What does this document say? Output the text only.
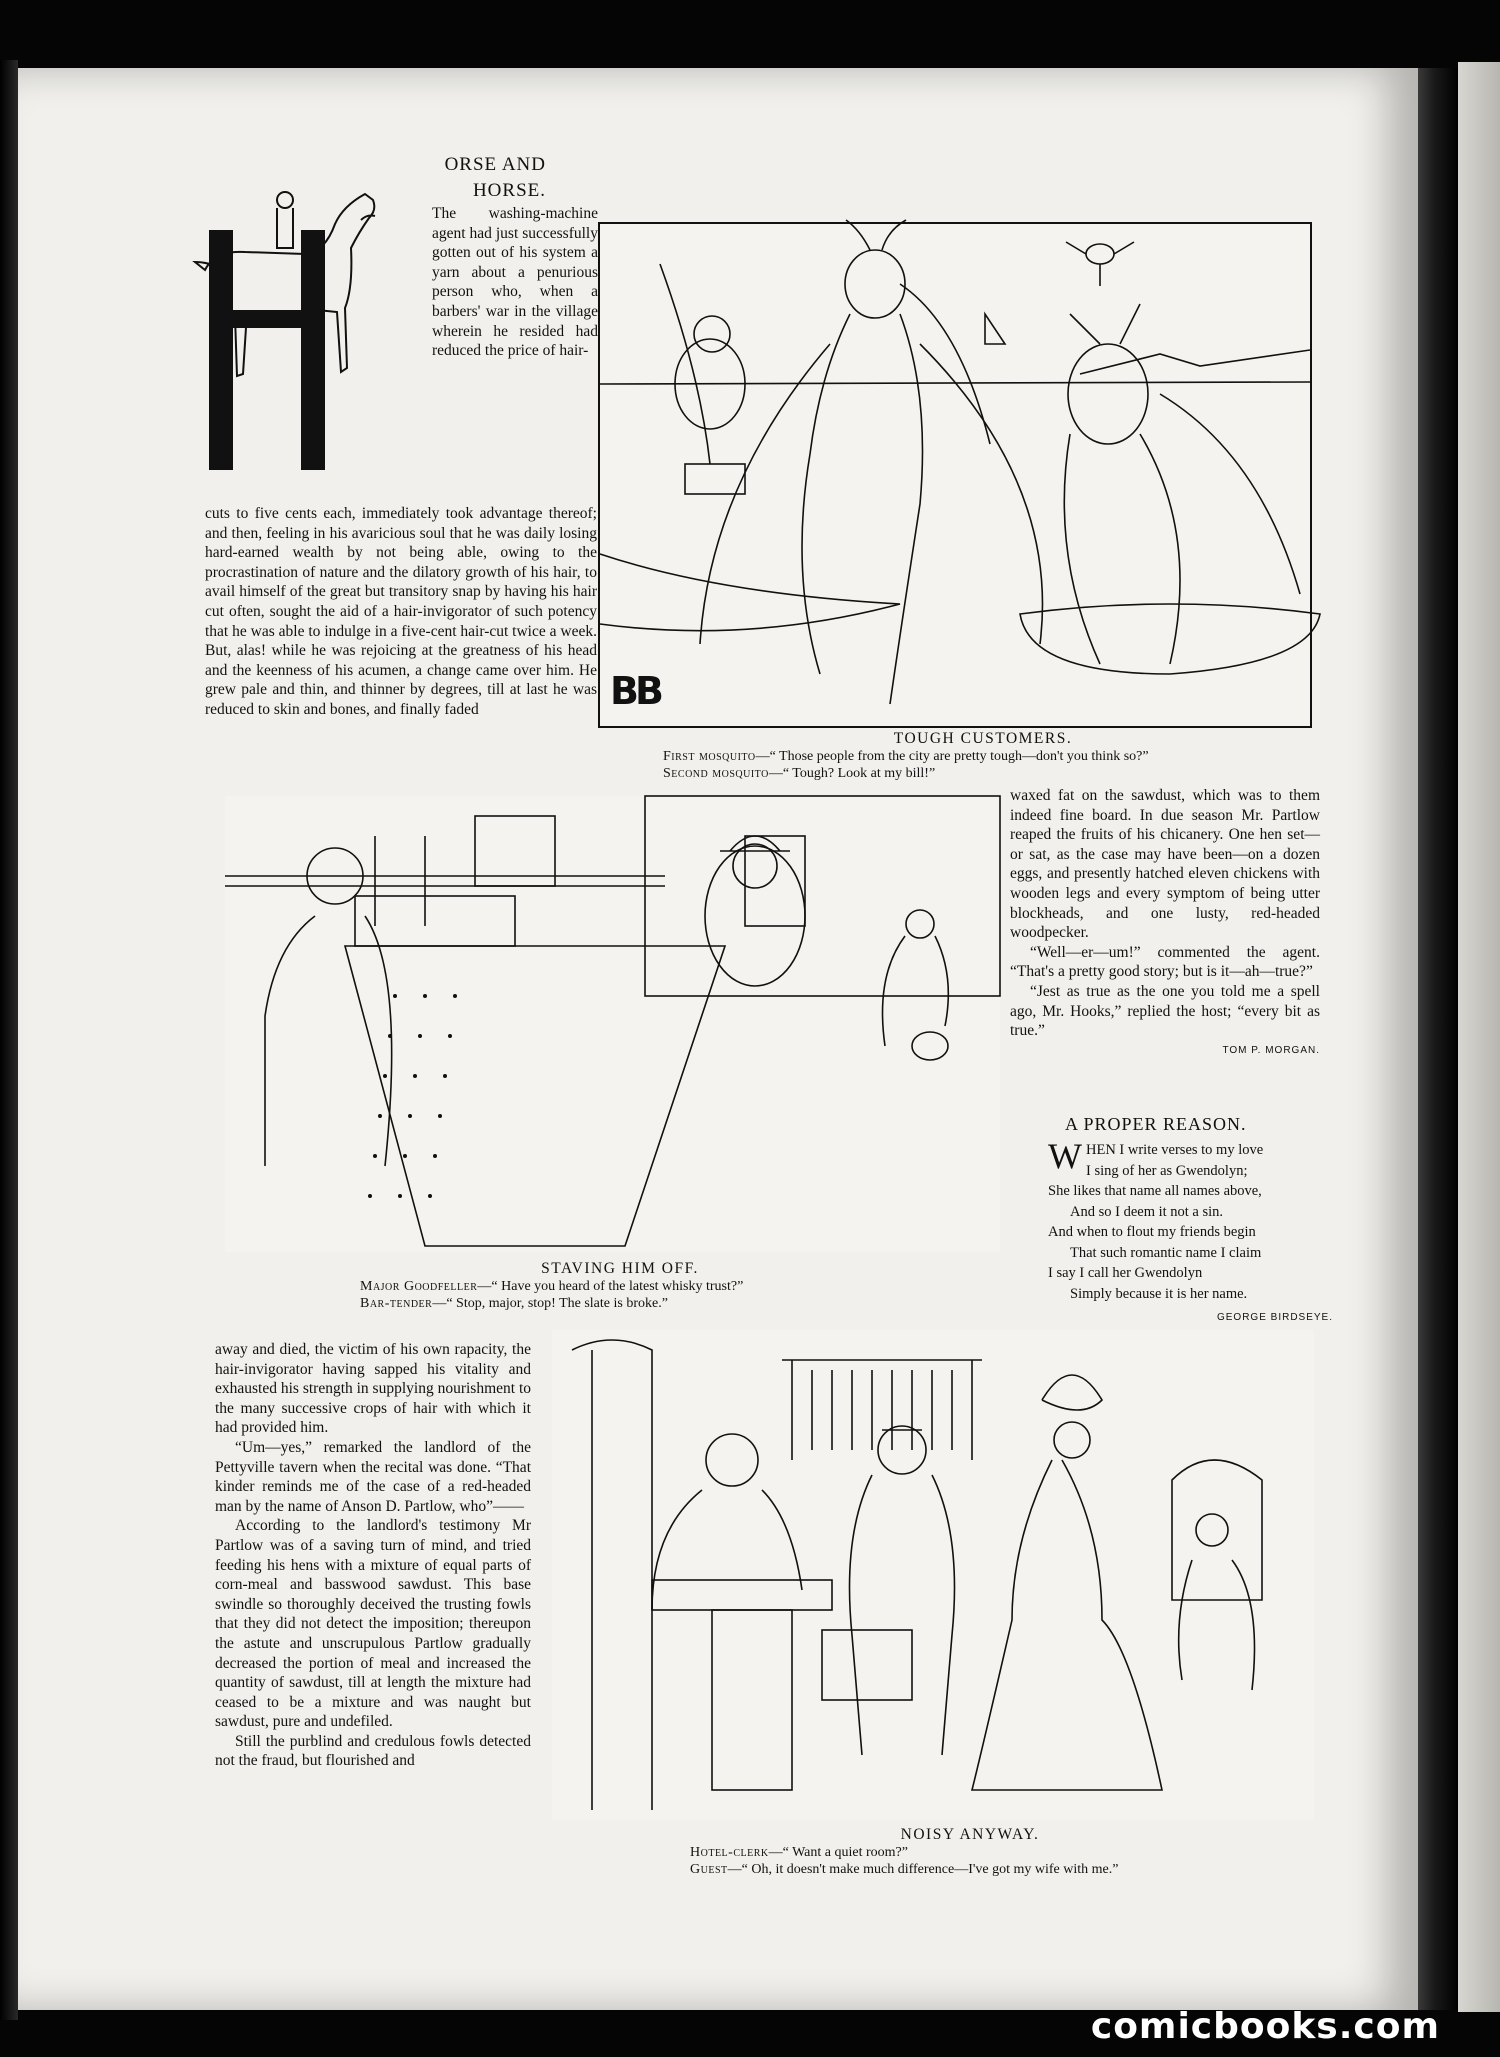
ORSE AND
HORSE.
The washing-machine agent had just successfully gotten out of his system a yarn about a penurious person who, when a barbers' war in the village wherein he resided had reduced the price of hair-
cuts to five cents each, immediately took advantage thereof; and then, feeling in his avaricious soul that he was daily losing hard-earned wealth by not being able, owing to the procrastination of nature and the dilatory growth of his hair, to avail himself of the great but transitory snap by having his hair cut often, sought the aid of a hair-invigorator of such potency that he was able to indulge in a five-cent hair-cut twice a week. But, alas! while he was rejoicing at the greatness of his head and the keenness of his acumen, a change came over him. He grew pale and thin, and thinner by degrees, till at last he was reduced to skin and bones, and finally faded	BB
TOUGH CUSTOMERS.
First mosquito—“ Those people from the city are pretty tough—don't you think so?”
Second mosquito—“ Tough? Look at my bill!”
STAVING HIM OFF.
Major Goodfeller—“ Have you heard of the latest whisky trust?”
Bar-tender—“ Stop, major, stop! The slate is broke.”
waxed fat on the sawdust, which was to them indeed fine board. In due season Mr. Partlow reaped the fruits of his chicanery. One hen set—or sat, as the case may have been—on a dozen eggs, and presently hatched eleven chickens with wooden legs and every symptom of being utter blockheads, and one lusty, red-headed woodpecker.
“Well—er—um!” commented the agent. “That's a pretty good story; but is it—ah—true?”
“Jest as true as the one you told me a spell ago, Mr. Hooks,” replied the host; “every bit as true.”
TOM P. MORGAN.
A PROPER REASON.
W HEN I write verses to my love
I sing of her as Gwendolyn;
She likes that name all names above,
And so I deem it not a sin.
And when to flout my friends begin
That such romantic name I claim
I say I call her Gwendolyn
Simply because it is her name.
GEORGE BIRDSEYE.
away and died, the victim of his own rapacity, the hair-invigorator having sapped his vitality and exhausted his strength in supplying nourishment to the many successive crops of hair with which it had provided him.
“Um—yes,” remarked the landlord of the Pettyville tavern when the recital was done. “That kinder reminds me of the case of a red-headed man by the name of Anson D. Partlow, who”——
According to the landlord's testimony Mr Partlow was of a saving turn of mind, and tried feeding his hens with a mixture of equal parts of corn-meal and basswood sawdust. This base swindle so thoroughly deceived the trusting fowls that they did not detect the imposition; thereupon the astute and unscrupulous Partlow gradually decreased the portion of meal and increased the quantity of sawdust, till at length the mixture had ceased to be a mixture and was naught but sawdust, pure and undefiled.
Still the purblind and credulous fowls detected not the fraud, but flourished and
NOISY ANYWAY.
Hotel-clerk—“ Want a quiet room?”
Guest—“ Oh, it doesn't make much difference—I've got my wife with me.”
comicbooks.com
